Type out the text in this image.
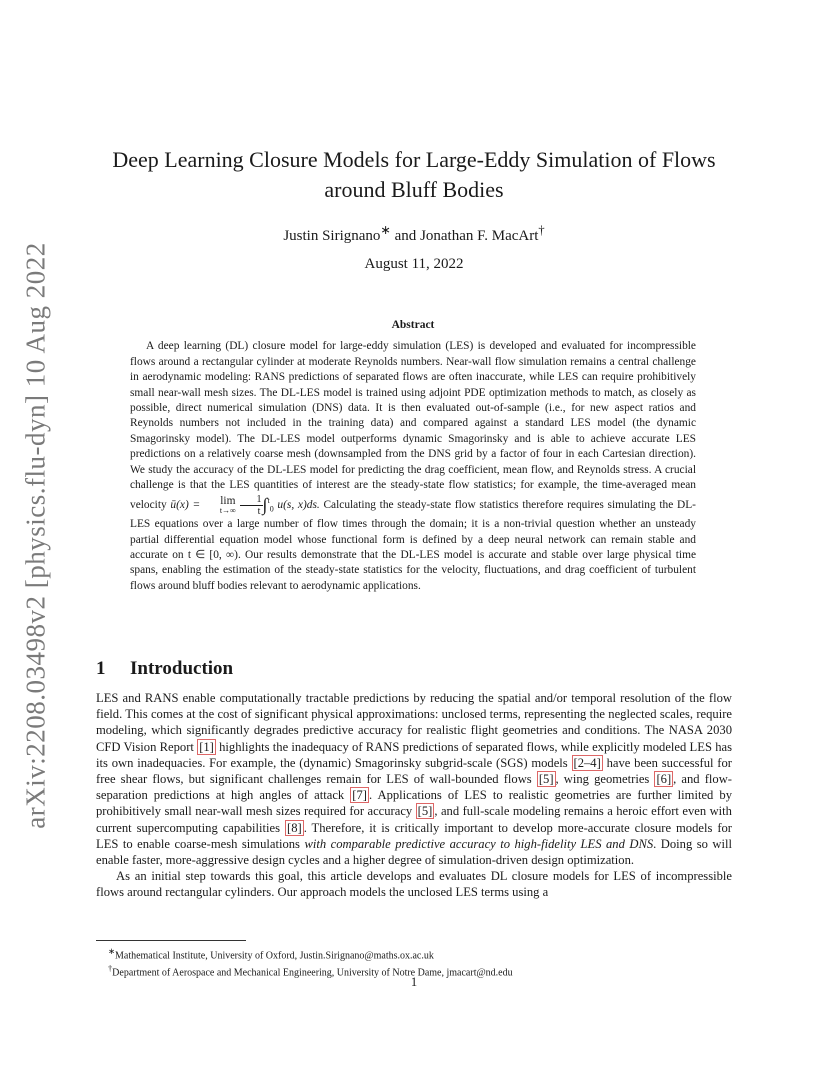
arXiv:2208.03498v2 [physics.flu-dyn] 10 Aug 2022
Deep Learning Closure Models for Large-Eddy Simulation of Flows
around Bluff Bodies
Justin Sirignano∗ and Jonathan F. MacArt†
August 11, 2022
Abstract

A deep learning (DL) closure model for large-eddy simulation (LES) is developed and evaluated for incompressible flows around a rectangular cylinder at moderate Reynolds numbers. Near-wall flow simulation remains a central challenge in aerodynamic modeling: RANS predictions of separated flows are often inaccurate, while LES can require prohibitively small near-wall mesh sizes. The DL-LES model is trained using adjoint PDE optimization methods to match, as closely as possible, direct numerical simulation (DNS) data. It is then evaluated out-of-sample (i.e., for new aspect ratios and Reynolds numbers not included in the training data) and compared against a standard LES model (the dynamic Smagorinsky model). The DL-LES model outperforms dynamic Smagorinsky and is able to achieve accurate LES predictions on a relatively coarse mesh (downsampled from the DNS grid by a factor of four in each Cartesian direction). We study the accuracy of the DL-LES model for predicting the drag coefficient, mean flow, and Reynolds stress. A crucial challenge is that the LES quantities of interest are the steady-state flow statistics; for example, the time-averaged mean velocity ū(x) = lim
t→∞
$\frac{1}{t} \int^t_0$ u(s, x)ds. Calculating the steady-state flow statistics therefore requires simulating the DL-LES equations over a large number of flow times through the domain; it is a non-trivial question whether an unsteady partial differential equation model whose functional form is defined by a deep neural network can remain stable and accurate on t ∈ [0, ∞). Our results demonstrate that the DL-LES model is accurate and stable over large physical time spans, enabling the estimation of the steady-state statistics for the velocity, fluctuations, and drag coefficient of turbulent flows around bluff bodies relevant to aerodynamic applications.

1 Introduction

LES and RANS enable computationally tractable predictions by reducing the spatial and/or temporal resolution of the flow field. This comes at the cost of significant physical approximations: unclosed terms, representing the neglected scales, require modeling, which significantly degrades predictive accuracy for realistic flight geometries and conditions. The NASA 2030 CFD Vision Report [1] highlights the inadequacy of RANS predictions of separated flows, while explicitly modeled LES has its own inadequacies. For example, the (dynamic) Smagorinsky subgrid-scale (SGS) models [2–4] have been successful for free shear flows, but significant challenges remain for LES of wall-bounded flows [5] , wing geometries [6] , and flow-separation predictions at high angles of attack [7] . Applications of LES to realistic geometries are further limited by prohibitively small near-wall mesh sizes required for accuracy [5] , and full-scale modeling remains a heroic effort even with current supercomputing capabilities [8] . Therefore, it is critically important to develop more-accurate closure models for LES to enable coarse-mesh simulations with comparable predictive accuracy to high-fidelity LES and DNS. Doing so will enable faster, more-aggressive design cycles and a higher degree of simulation-driven design optimization.

As an initial step towards this goal, this article develops and evaluates DL closure models for LES of incompressible flows around rectangular cylinders. Our approach models the unclosed LES terms using a

∗Mathematical Institute, University of Oxford, Justin.Sirignano@maths.ox.ac.uk
†Department of Aerospace and Mechanical Engineering, University of Notre Dame, jmacart@nd.edu
1
